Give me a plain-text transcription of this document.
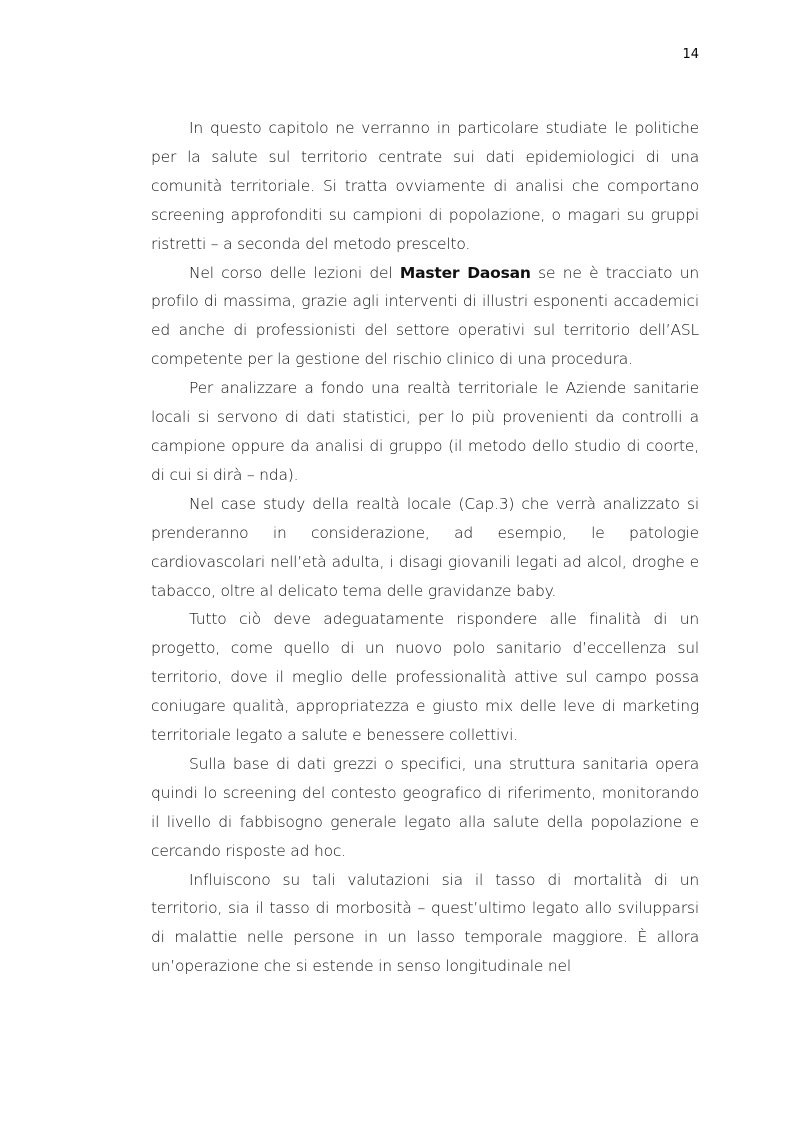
14

In questo capitolo ne verranno in particolare studiate le politiche per la salute sul territorio centrate sui dati epidemiologici di una comunità territoriale. Si tratta ovviamente di analisi che comportano screening approfonditi su campioni di popolazione, o magari su gruppi ristretti – a seconda del metodo prescelto.

Nel corso delle lezioni del Master Daosan se ne è tracciato un profilo di massima, grazie agli interventi di illustri esponenti accademici ed anche di professionisti del settore operativi sul territorio dell’ASL competente per la gestione del rischio clinico di una procedura.

Per analizzare a fondo una realtà territoriale le Aziende sanitarie locali si servono di dati statistici, per lo più provenienti da controlli a campione oppure da analisi di gruppo (il metodo dello studio di coorte, di cui si dirà – nda).

Nel case study della realtà locale (Cap.3) che verrà analizzato si prenderanno in considerazione, ad esempio, le patologie cardiovascolari nell’età adulta, i disagi giovanili legati ad alcol, droghe e tabacco, oltre al delicato tema delle gravidanze baby.

Tutto ciò deve adeguatamente rispondere alle finalità di un progetto, come quello di un nuovo polo sanitario d’eccellenza sul territorio, dove il meglio delle professionalità attive sul campo possa coniugare qualità, appropriatezza e giusto mix delle leve di marketing territoriale legato a salute e benessere collettivi.

Sulla base di dati grezzi o specifici, una struttura sanitaria opera quindi lo screening del contesto geografico di riferimento, monitorando il livello di fabbisogno generale legato alla salute della popolazione e cercando risposte ad hoc.

Influiscono su tali valutazioni sia il tasso di mortalità di un territorio, sia il tasso di morbosità – quest’ultimo legato allo svilupparsi di malattie nelle persone in un lasso temporale maggiore. È allora un’operazione che si estende in senso longitudinale nel
